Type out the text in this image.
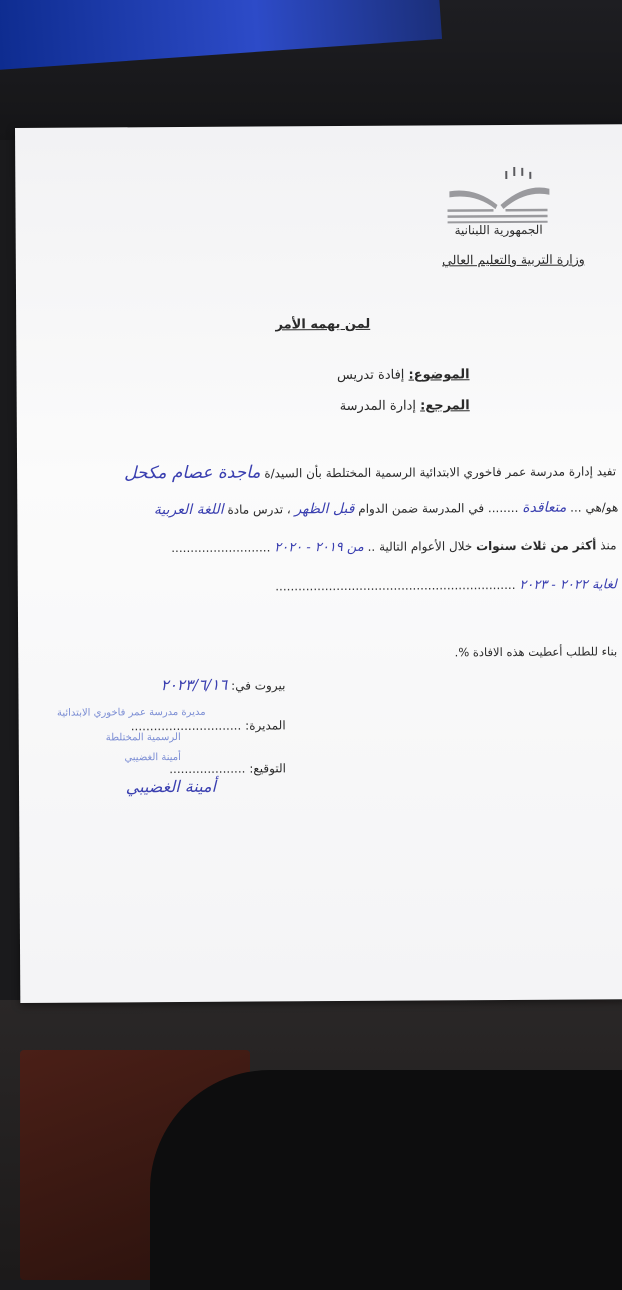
الجمهورية اللبنانية
وزارة التربية والتعليم العالي
لمن يهمه الأمر
الموضوع: إفادة تدريس
المرجع: إدارة المدرسة
تفيد إدارة مدرسة عمر فاخوري الابتدائية الرسمية المختلطة بأن السيد/ة ماجدة عصام مكحل
هو/هي ... متعاقدة ........ في المدرسة ضمن الدوام قبل الظهر ، تدرس مادة اللغة العربية
منذ أكثر من ثلاث سنوات خلال الأعوام التالية .. من ٢٠١٩ - ٢٠٢٠ ..........................
لغاية ٢٠٢٢ - ٢٠٢٣ ...............................................................
بناء للطلب أعطيت هذه الافادة %.
بيروت في: ٢٠٢٣/٦/١٦
مديرة مدرسة عمر فاخوري الابتدائية
المديرة: .............................
الرسمية المختلطة
أمينة الغضيبي
التوقيع: ....................
أمينة الغضيبي
